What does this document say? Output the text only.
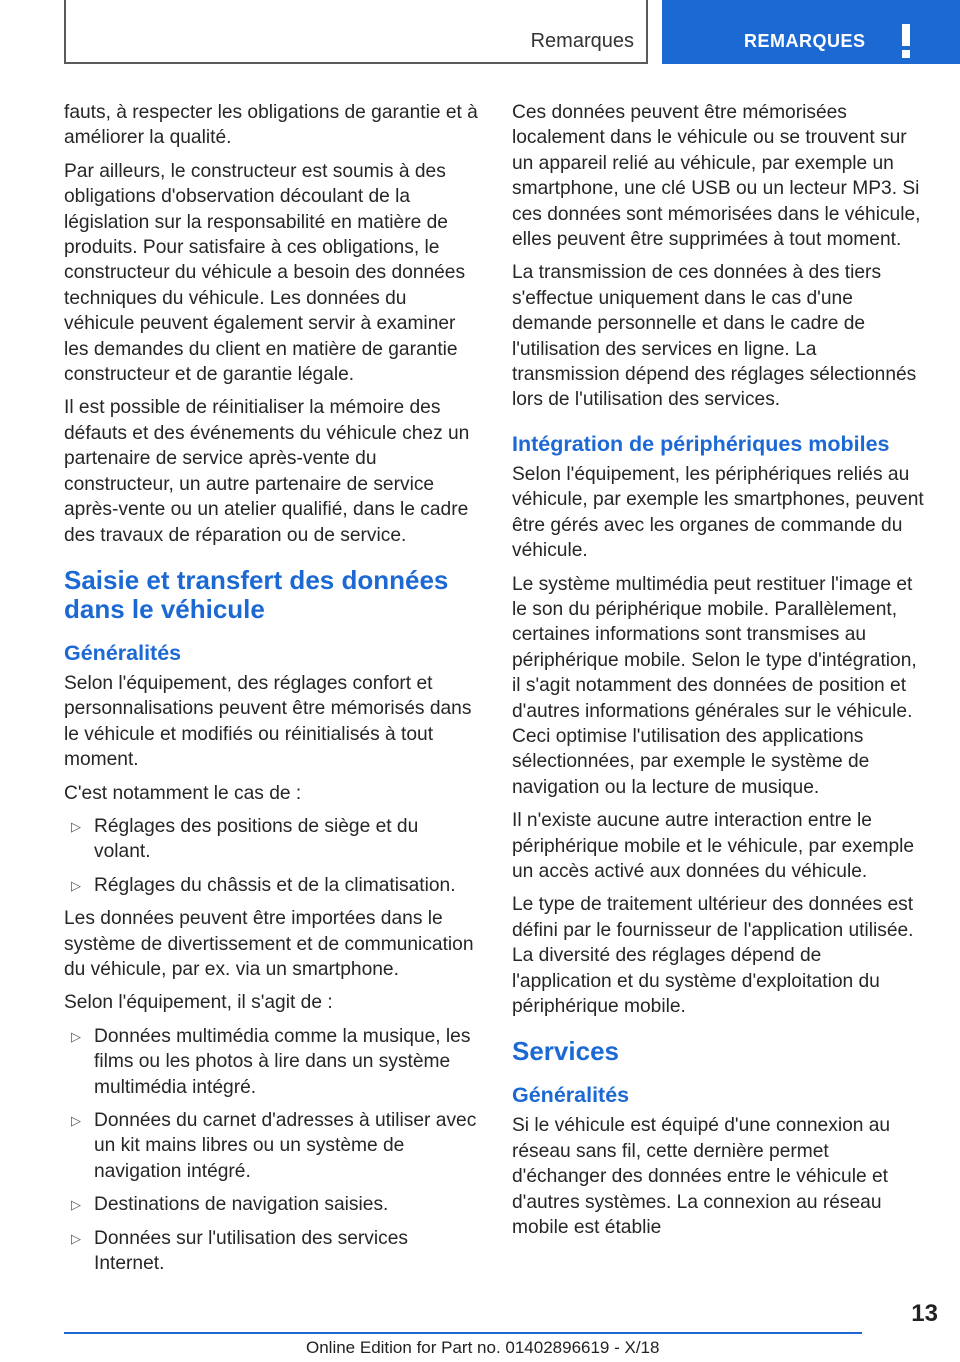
Remarques	REMARQUES

fauts, à respecter les obligations de garantie et à améliorer la qualité.

Par ailleurs, le constructeur est soumis à des obligations d'observation découlant de la législation sur la responsabilité en matière de produits. Pour satisfaire à ces obligations, le constructeur du véhicule a besoin des données techniques du véhicule. Les données du véhicule peuvent également servir à examiner les demandes du client en matière de garantie constructeur et de garantie légale.

Il est possible de réinitialiser la mémoire des défauts et des événements du véhicule chez un partenaire de service après-vente du constructeur, un autre partenaire de service après-vente ou un atelier qualifié, dans le cadre des travaux de réparation ou de service.

Saisie et transfert des données dans le véhicule
Généralités

Selon l'équipement, des réglages confort et personnalisations peuvent être mémorisés dans le véhicule et modifiés ou réinitialisés à tout moment.

C'est notamment le cas de :

▷ Réglages des positions de siège et du volant.
▷ Réglages du châssis et de la climatisation.

Les données peuvent être importées dans le système de divertissement et de communication du véhicule, par ex. via un smartphone.

Selon l'équipement, il s'agit de :

▷ Données multimédia comme la musique, les films ou les photos à lire dans un système multimédia intégré.
▷ Données du carnet d'adresses à utiliser avec un kit mains libres ou un système de navigation intégré.
▷ Destinations de navigation saisies.
▷ Données sur l'utilisation des services Internet.

Ces données peuvent être mémorisées localement dans le véhicule ou se trouvent sur un appareil relié au véhicule, par exemple un smartphone, une clé USB ou un lecteur MP3. Si ces données sont mémorisées dans le véhicule, elles peuvent être supprimées à tout moment.

La transmission de ces données à des tiers s'effectue uniquement dans le cas d'une demande personnelle et dans le cadre de l'utilisation des services en ligne. La transmission dépend des réglages sélectionnés lors de l'utilisation des services.

Intégration de périphériques mobiles

Selon l'équipement, les périphériques reliés au véhicule, par exemple les smartphones, peuvent être gérés avec les organes de commande du véhicule.

Le système multimédia peut restituer l'image et le son du périphérique mobile. Parallèlement, certaines informations sont transmises au périphérique mobile. Selon le type d'intégration, il s'agit notamment des données de position et d'autres informations générales sur le véhicule. Ceci optimise l'utilisation des applications sélectionnées, par exemple le système de navigation ou la lecture de musique.

Il n'existe aucune autre interaction entre le périphérique mobile et le véhicule, par exemple un accès activé aux données du véhicule.

Le type de traitement ultérieur des données est défini par le fournisseur de l'application utilisée. La diversité des réglages dépend de l'application et du système d'exploitation du périphérique mobile.

Services
Généralités

Si le véhicule est équipé d'une connexion au réseau sans fil, cette dernière permet d'échanger des données entre le véhicule et d'autres systèmes. La connexion au réseau mobile est établie

13
Online Edition for Part no. 01402896619 - X/18
